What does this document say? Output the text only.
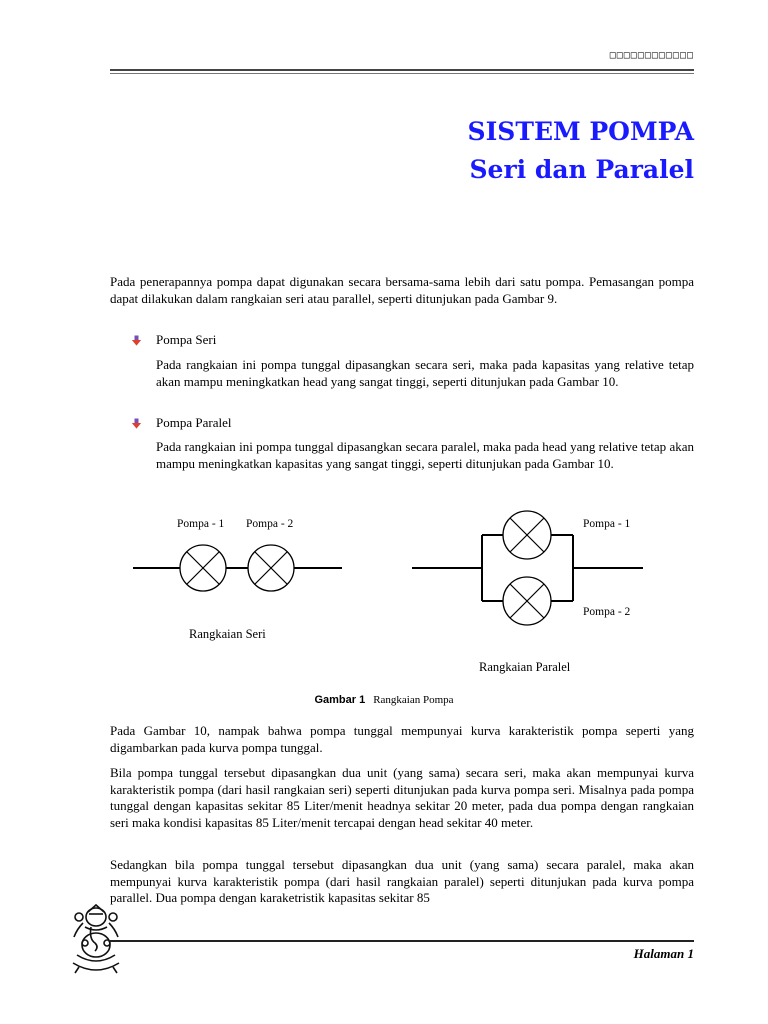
□□□□□□□□□□□□
SISTEM POMPA
Seri dan Paralel
Pada penerapannya pompa dapat digunakan secara bersama-sama lebih dari satu pompa. Pemasangan pompa dapat dilakukan dalam rangkaian seri atau parallel, seperti ditunjukan pada Gambar 9.
Pompa Seri
Pada rangkaian ini pompa tunggal dipasangkan secara seri, maka pada kapasitas yang relative tetap akan mampu meningkatkan head yang sangat tinggi, seperti ditunjukan pada Gambar 10.
Pompa Paralel
Pada rangkaian ini pompa tunggal dipasangkan secara paralel, maka pada head yang relative tetap akan mampu meningkatkan kapasitas yang sangat tinggi, seperti ditunjukan pada Gambar 10.
Pompa - 1 Pompa - 2
Rangkaian Seri
Pompa - 1
Pompa - 2
Rangkaian Paralel
Gambar 1 Rangkaian Pompa
Pada Gambar 10, nampak bahwa pompa tunggal mempunyai kurva karakteristik pompa seperti yang digambarkan pada kurva pompa tunggal.
Bila pompa tunggal tersebut dipasangkan dua unit (yang sama) secara seri, maka akan mempunyai kurva karakteristik pompa (dari hasil rangkaian seri) seperti ditunjukan pada kurva pompa seri. Misalnya pada pompa tunggal dengan kapasitas sekitar 85 Liter/menit headnya sekitar 20 meter, pada dua pompa dengan rangkaian seri maka kondisi kapasitas 85 Liter/menit tercapai dengan head sekitar 40 meter.
Sedangkan bila pompa tunggal tersebut dipasangkan dua unit (yang sama) secara paralel, maka akan mempunyai kurva karakteristik pompa (dari hasil rangkaian paralel) seperti ditunjukan pada kurva pompa parallel. Dua pompa dengan karaketristik kapasitas sekitar 85
Halaman 1
